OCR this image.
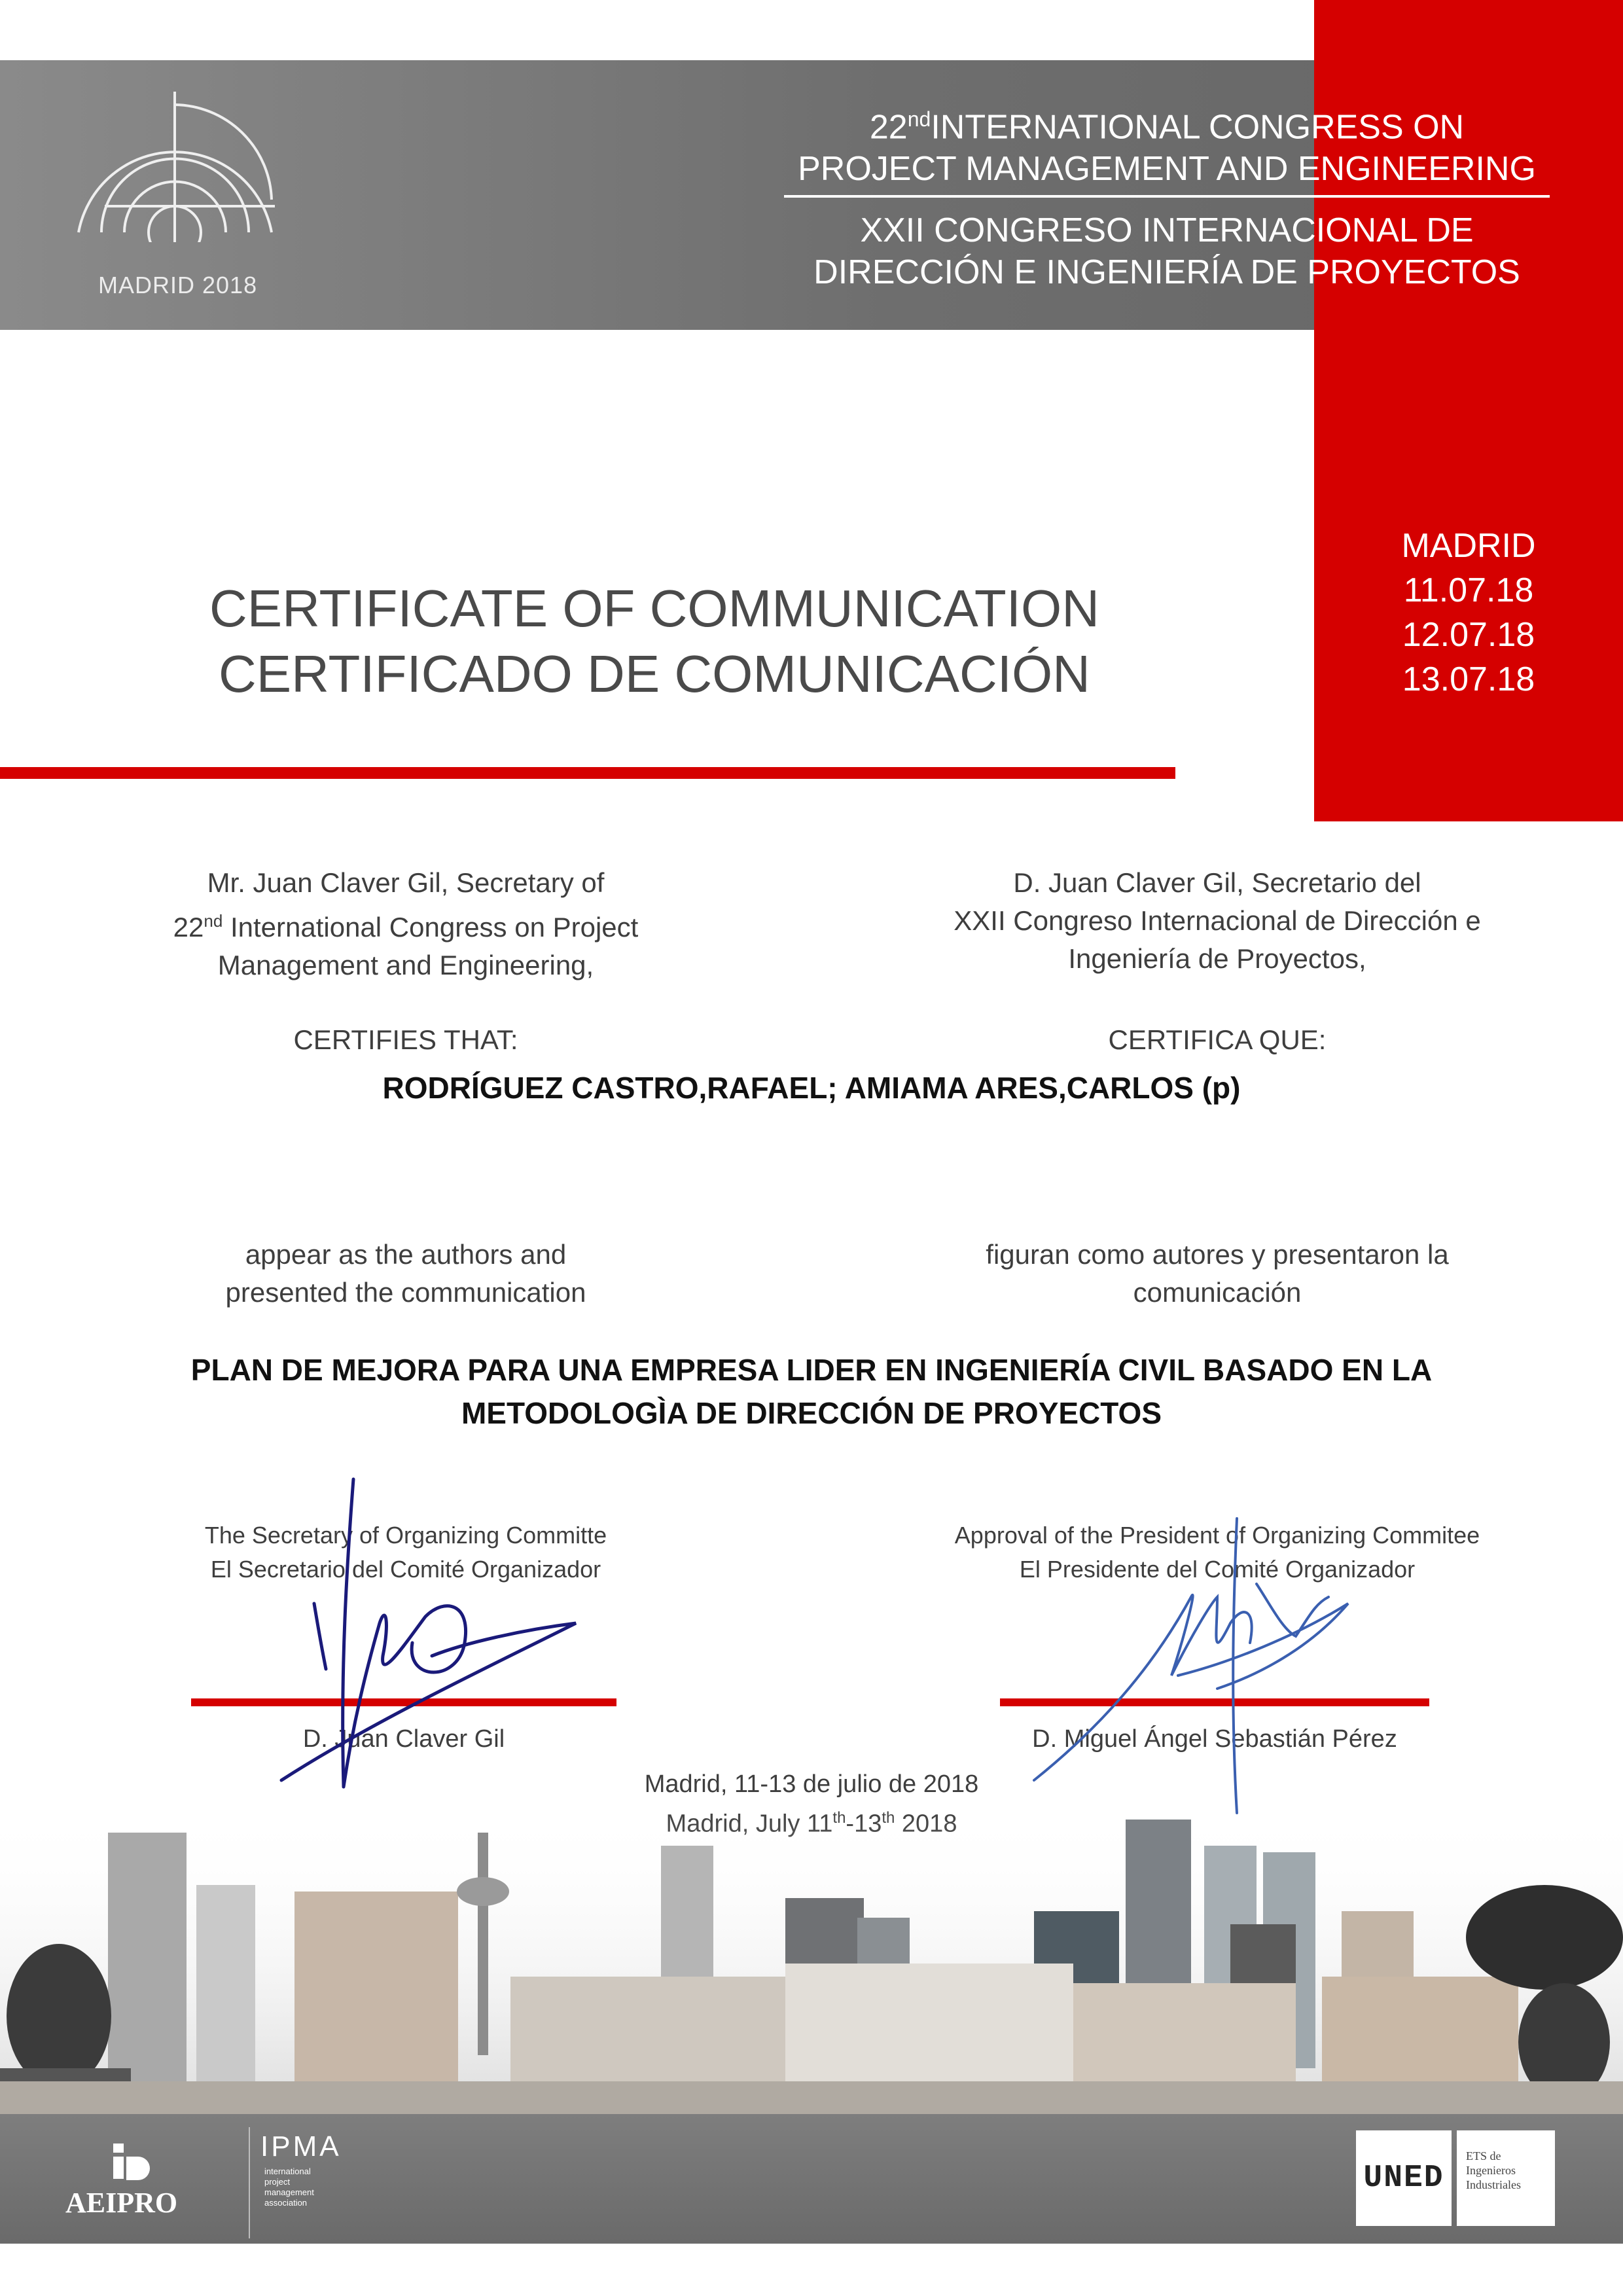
MADRID 2018
22ndINTERNATIONAL CONGRESS ON
PROJECT MANAGEMENT AND ENGINEERING
XXII CONGRESO INTERNACIONAL DE
DIRECCIÓN E INGENIERÍA DE PROYECTOS
MADRID
11.07.18
12.07.18
13.07.18
CERTIFICATE OF COMMUNICATION
CERTIFICADO DE COMUNICACIÓN
Mr. Juan Claver Gil, Secretary of
22nd International Congress on Project
Management and Engineering,
D. Juan Claver Gil, Secretario del
XXII Congreso Internacional de Dirección e
Ingeniería de Proyectos,
CERTIFIES THAT:	CERTIFICA QUE:
RODRÍGUEZ CASTRO,RAFAEL; AMIAMA ARES,CARLOS (p)
appear as the authors and
presented the communication
figuran como autores y presentaron la
comunicación
PLAN DE MEJORA PARA UNA EMPRESA LIDER EN INGENIERÍA CIVIL BASADO EN LA
METODOLOGÌA DE DIRECCIÓN DE PROYECTOS
The Secretary of Organizing Committe
El Secretario del Comité Organizador
D. Juan Claver Gil
Approval of the President of Organizing Commitee
El Presidente del Comité Organizador
D. Miguel Ángel Sebastián Pérez
Madrid, 11-13 de julio de 2018
AEIPRO
IPMA
international
project
management
association
UNED
ETS de
Ingenieros
Industriales
